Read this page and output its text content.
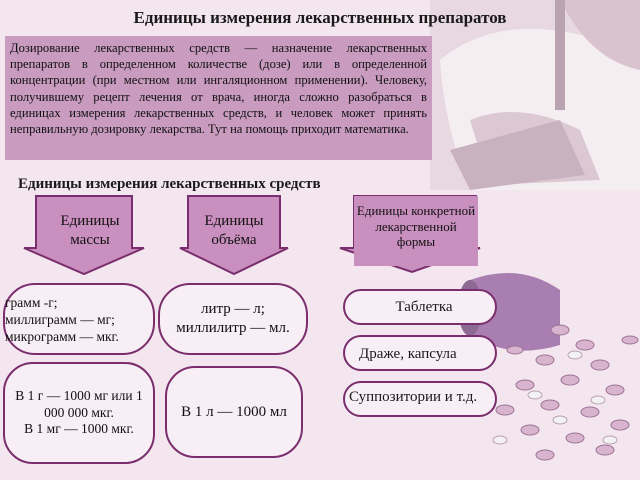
Единицы измерения лекарственных препаратов
Дозирование лекарственных средств — назначение лекарственных препаратов в определенном количестве (дозе) или в определенной концентрации (при местном или ингаляционном применении). Человеку, получившему рецепт лечения от врача, иногда сложно разобраться в единицах измерения лекарственных средств, и человек может принять неправильную дозировку лекарства. Тут на помощь приходит математика.
Единицы измерения лекарственных средств
Единицы массы
Единицы объёма
Единицы конкретной лекарственной формы
грамм -г;
миллиграмм — мг;
микрограмм — мкг.
литр — л;
миллилитр — мл.
В 1 г — 1000 мг или 1 000 000 мкг.
В 1 мг — 1000 мкг.
В 1 л — 1000 мл
Таблетка
Драже, капсула
Суппозитории и т.д.
